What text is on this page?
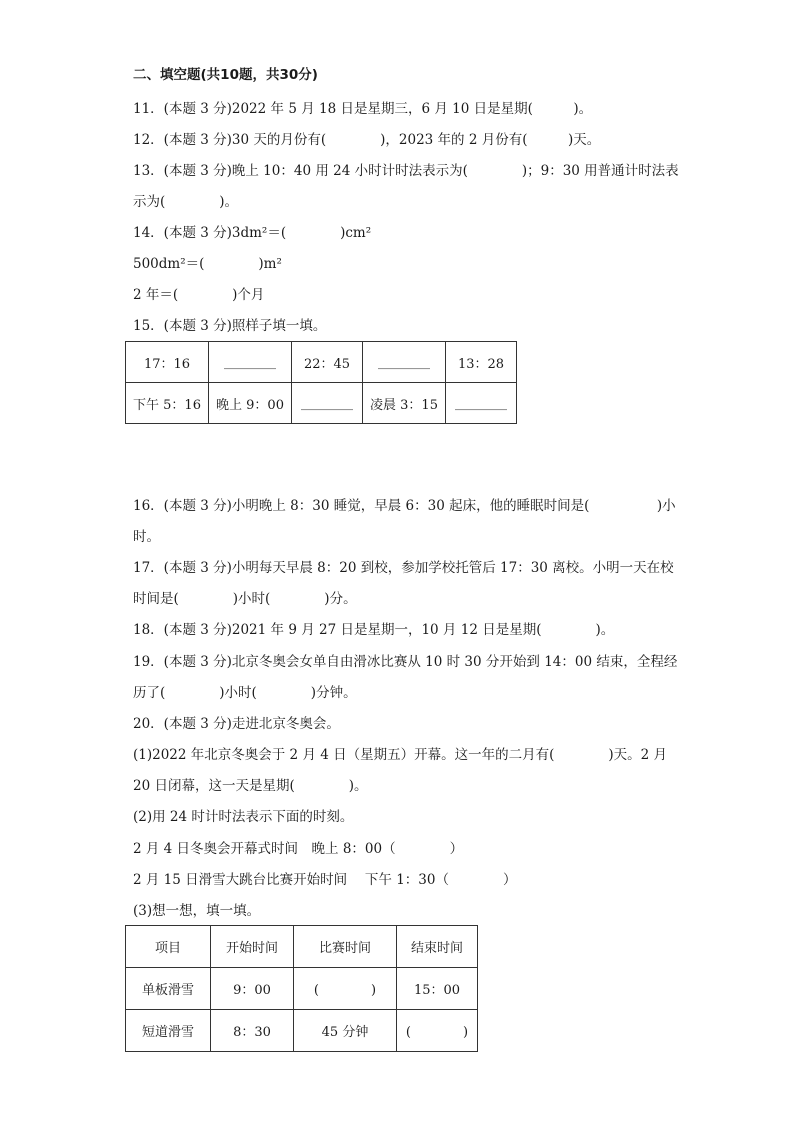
二、填空题(共10题，共30分)
11．(本题 3 分)2022 年 5 月 18 日是星期三，6 月 10 日是星期(　　　)。
12．(本题 3 分)30 天的月份有(　　　　)，2023 年的 2 月份有(　　　)天。
13．(本题 3 分)晚上 10：40 用 24 小时计时法表示为(　　　　)；9：30 用普通计时法表
示为(　　　　)。
14．(本题 3 分)3dm²＝(　　　　)cm²
500dm²＝(　　　　)m²
2 年＝(　　　　)个月
15．(本题 3 分)照样子填一填。
17：16	________	22：45	________	13：28
下午 5：16	晚上 9：00	________	凌晨 3：15	________
16．(本题 3 分)小明晚上 8：30 睡觉，早晨 6：30 起床，他的睡眠时间是(　　　　　)小
时。
17．(本题 3 分)小明每天早晨 8：20 到校，参加学校托管后 17：30 离校。小明一天在校
时间是(　　　　)小时(　　　　)分。
18．(本题 3 分)2021 年 9 月 27 日是星期一，10 月 12 日是星期(　　　　)。
19．(本题 3 分)北京冬奥会女单自由滑冰比赛从 10 时 30 分开始到 14：00 结束，全程经
历了(　　　　)小时(　　　　)分钟。
20．(本题 3 分)走进北京冬奥会。
(1)2022 年北京冬奥会于 2 月 4 日（星期五）开幕。这一年的二月有(　　　　)天。2 月
20 日闭幕，这一天是星期(　　　　)。
(2)用 24 时计时法表示下面的时刻。
2 月 4 日冬奥会开幕式时间　晚上 8：00（　　　　）
2 月 15 日滑雪大跳台比赛开始时间　 下午 1：30（　　　　）
(3)想一想，填一填。
项目	开始时间	比赛时间	结束时间
单板滑雪	9：00	(　　　　)	15：00
短道滑雪	8：30	45 分钟	(　　　　)
